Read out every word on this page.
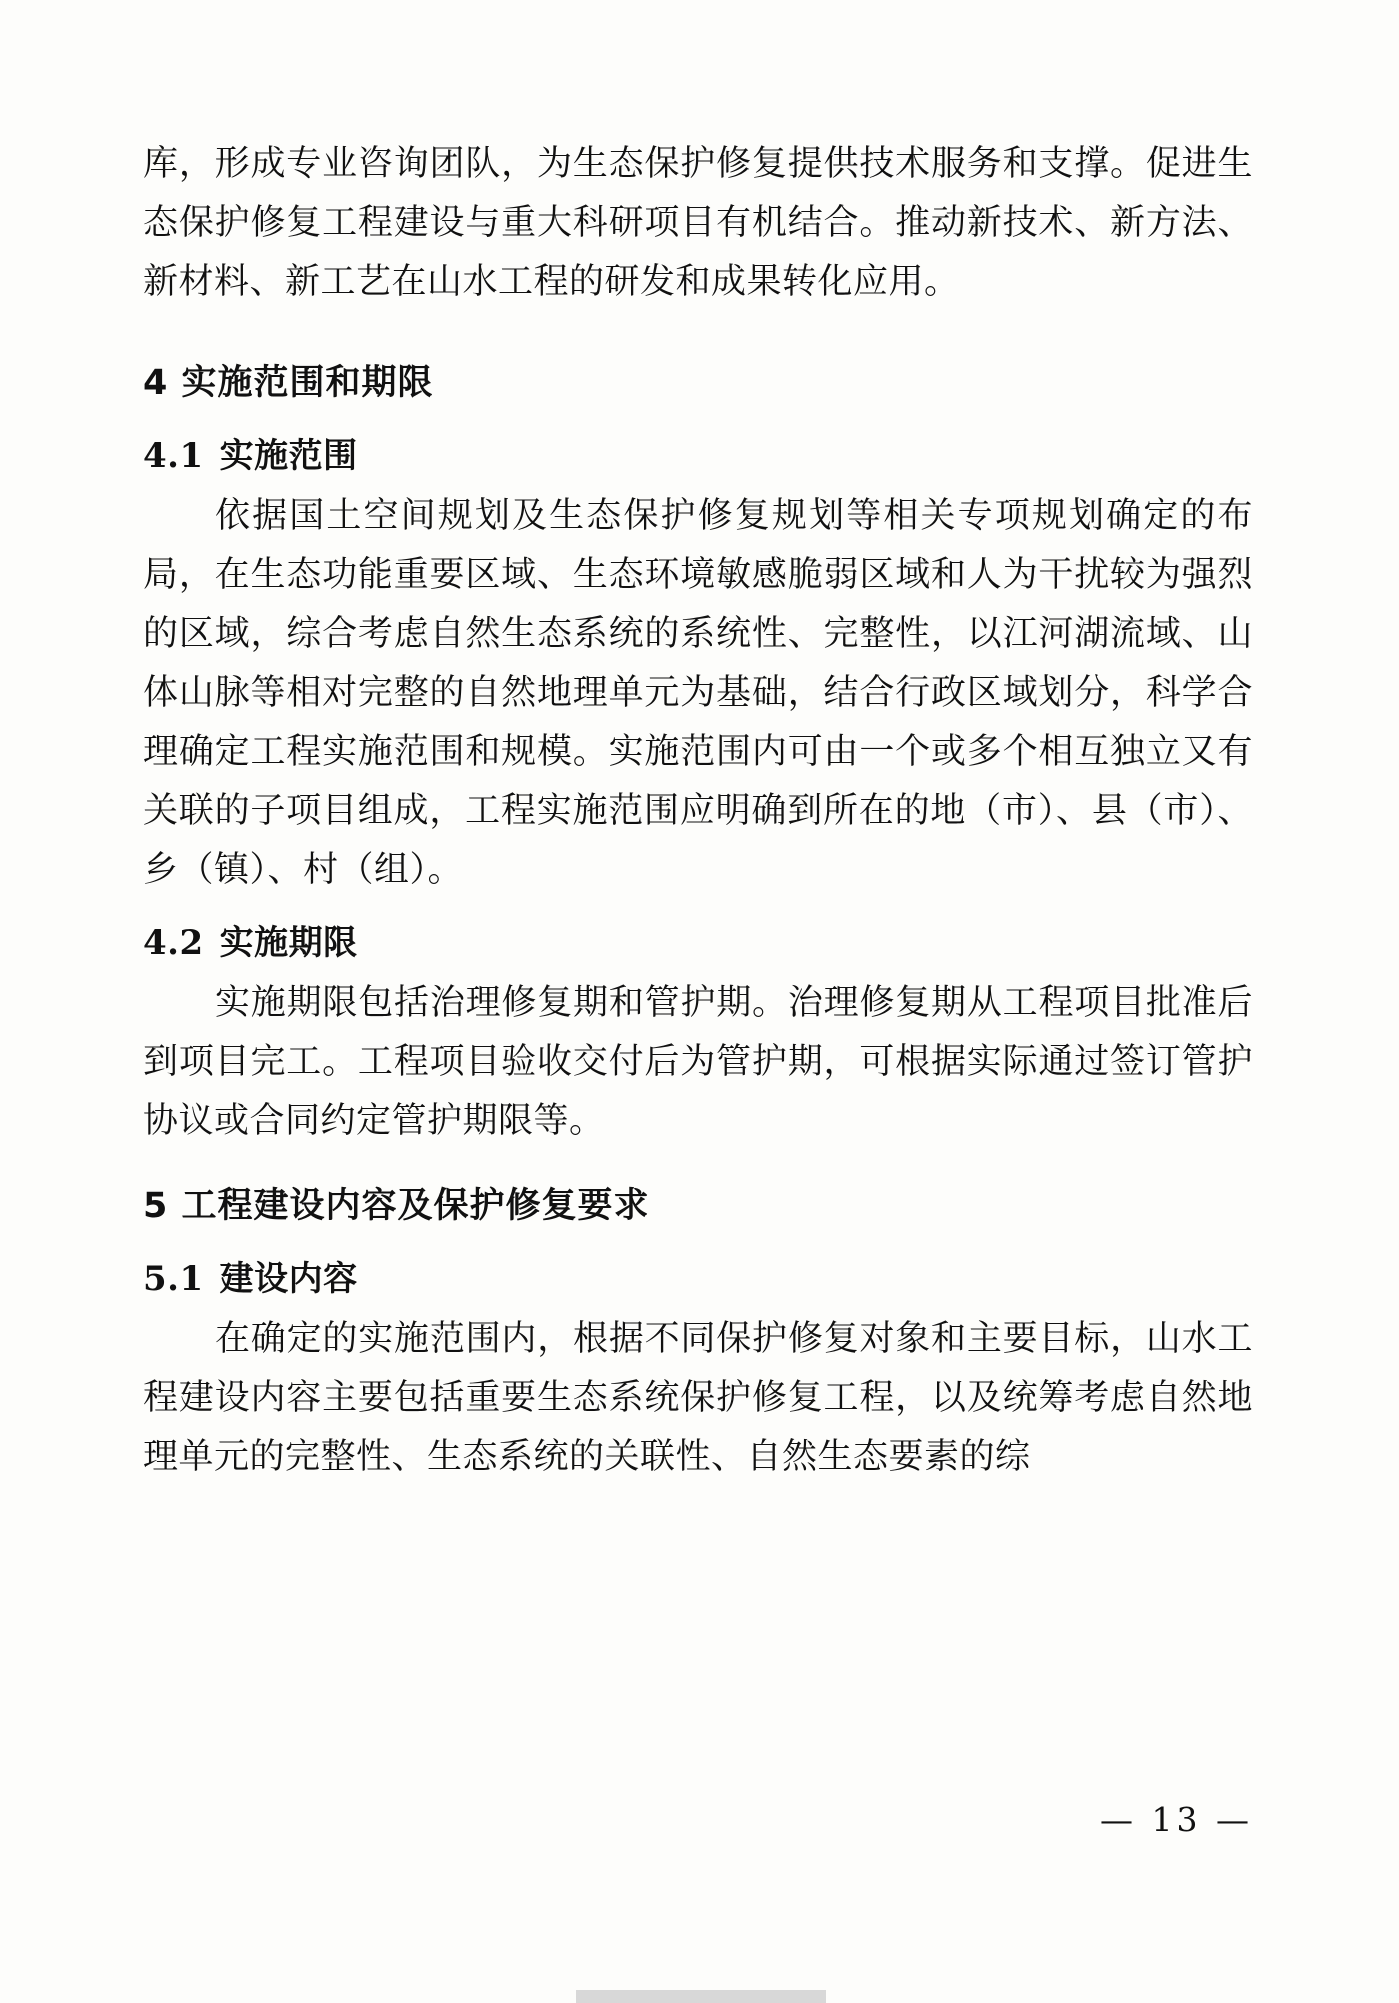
库，形成专业咨询团队，为生态保护修复提供技术服务和支撑。促进生态保护修复工程建设与重大科研项目有机结合。推动新技术、新方法、新材料、新工艺在山水工程的研发和成果转化应用。

4 实施范围和期限
4.1 实施范围

依据国土空间规划及生态保护修复规划等相关专项规划确定的布局，在生态功能重要区域、生态环境敏感脆弱区域和人为干扰较为强烈的区域，综合考虑自然生态系统的系统性、完整性，以江河湖流域、山体山脉等相对完整的自然地理单元为基础，结合行政区域划分，科学合理确定工程实施范围和规模。实施范围内可由一个或多个相互独立又有关联的子项目组成，工程实施范围应明确到所在的地（市）、县（市）、乡（镇）、村（组）。

4.2 实施期限

实施期限包括治理修复期和管护期。治理修复期从工程项目批准后到项目完工。工程项目验收交付后为管护期，可根据实际通过签订管护协议或合同约定管护期限等。

5 工程建设内容及保护修复要求
5.1 建设内容

在确定的实施范围内，根据不同保护修复对象和主要目标，山水工程建设内容主要包括重要生态系统保护修复工程，以及统筹考虑自然地理单元的完整性、生态系统的关联性、自然生态要素的综

— 13 —
